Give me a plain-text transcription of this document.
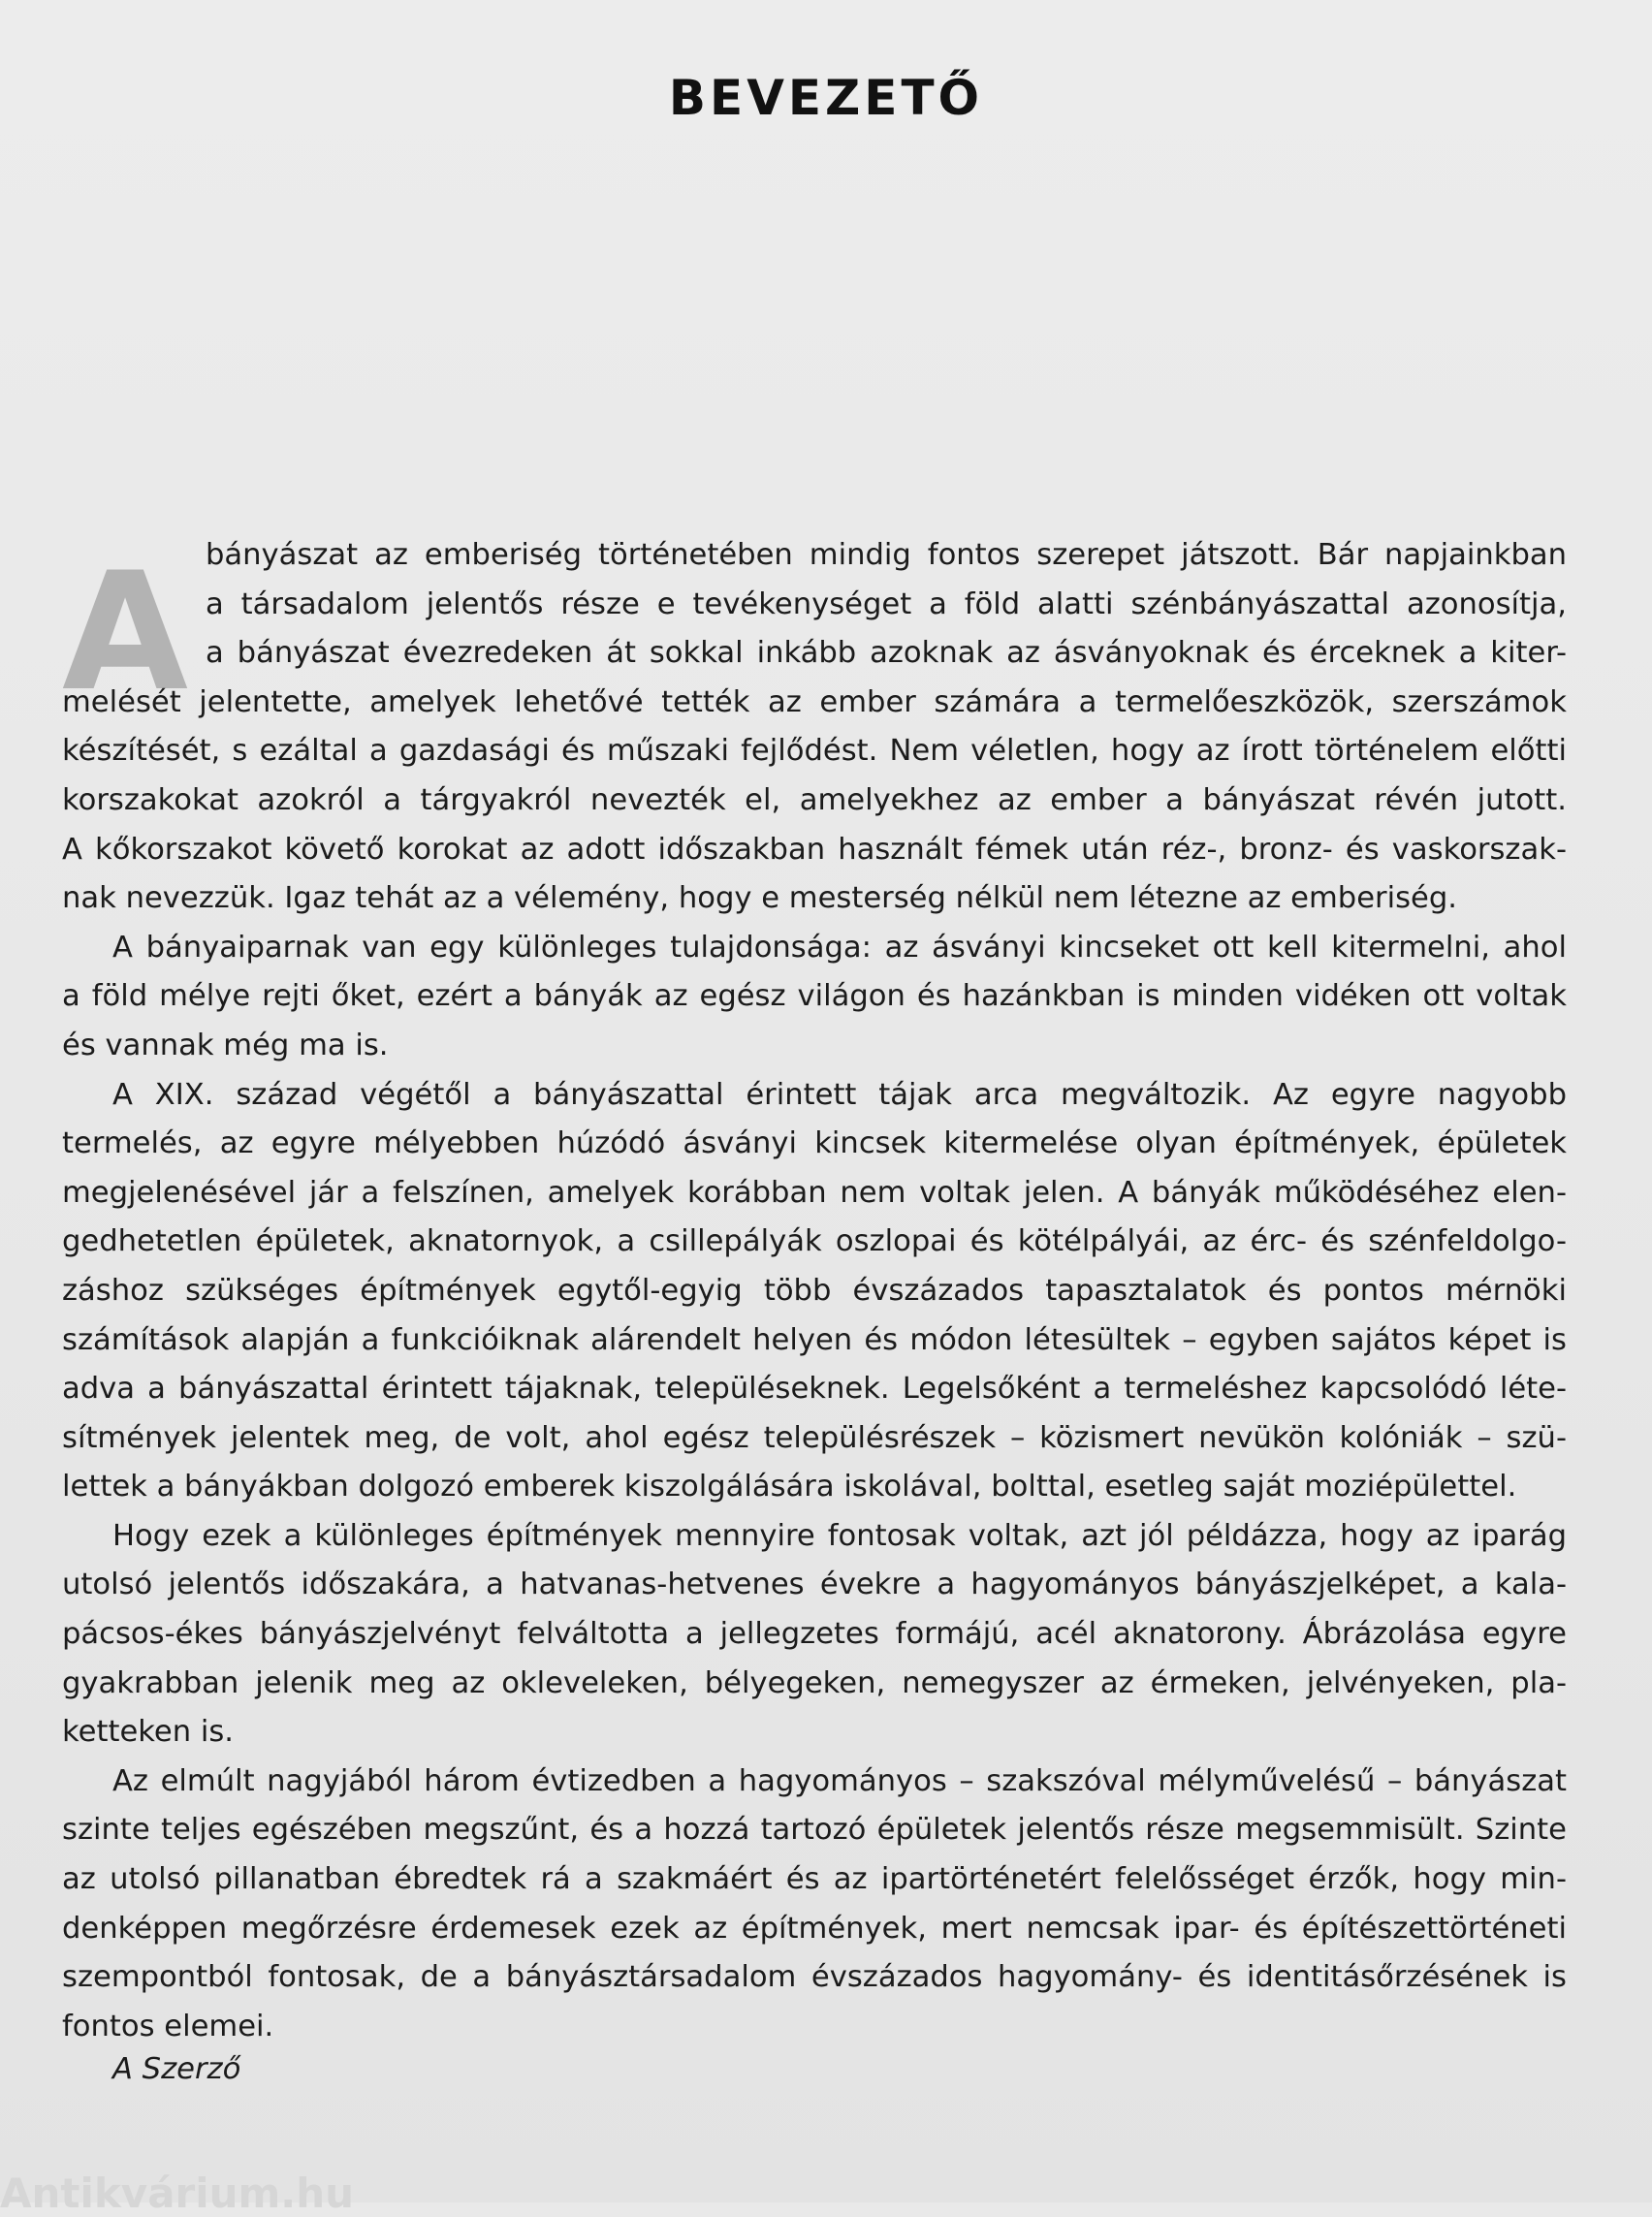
BEVEZETŐ
A bányászat az emberiség történetében mindig fontos szerepet játszott. Bár napjainkban
a társadalom jelentős része e tevékenységet a föld alatti szénbányászattal azonosítja,
a bányászat évezredeken át sokkal inkább azoknak az ásványoknak és érceknek a kiter-
melését jelentette, amelyek lehetővé tették az ember számára a termelőeszközök, szerszámok
készítését, s ezáltal a gazdasági és műszaki fejlődést. Nem véletlen, hogy az írott történelem előtti
korszakokat azokról a tárgyakról nevezték el, amelyekhez az ember a bányászat révén jutott.
A kőkorszakot követő korokat az adott időszakban használt fémek után réz-, bronz- és vaskorszak-
nak nevezzük. Igaz tehát az a vélemény, hogy e mesterség nélkül nem létezne az emberiség.
A bányaiparnak van egy különleges tulajdonsága: az ásványi kincseket ott kell kitermelni, ahol
a föld mélye rejti őket, ezért a bányák az egész világon és hazánkban is minden vidéken ott voltak
és vannak még ma is.
A XIX. század végétől a bányászattal érintett tájak arca megváltozik. Az egyre nagyobb
termelés, az egyre mélyebben húzódó ásványi kincsek kitermelése olyan építmények, épületek
megjelenésével jár a felszínen, amelyek korábban nem voltak jelen. A bányák működéséhez elen-
gedhetetlen épületek, aknatornyok, a csillepályák oszlopai és kötélpályái, az érc- és szénfeldolgo-
záshoz szükséges építmények egytől-egyig több évszázados tapasztalatok és pontos mérnöki
számítások alapján a funkcióiknak alárendelt helyen és módon létesültek – egyben sajátos képet is
adva a bányászattal érintett tájaknak, településeknek. Legelsőként a termeléshez kapcsolódó léte-
sítmények jelentek meg, de volt, ahol egész településrészek – közismert nevükön kolóniák – szü-
lettek a bányákban dolgozó emberek kiszolgálására iskolával, bolttal, esetleg saját moziépülettel.
Hogy ezek a különleges építmények mennyire fontosak voltak, azt jól példázza, hogy az iparág
utolsó jelentős időszakára, a hatvanas-hetvenes évekre a hagyományos bányászjelképet, a kala-
pácsos-ékes bányászjelvényt felváltotta a jellegzetes formájú, acél aknatorony. Ábrázolása egyre
gyakrabban jelenik meg az okleveleken, bélyegeken, nemegyszer az érmeken, jelvényeken, pla-
ketteken is.
Az elmúlt nagyjából három évtizedben a hagyományos – szakszóval mélyművelésű – bányászat
szinte teljes egészében megszűnt, és a hozzá tartozó épületek jelentős része megsemmisült. Szinte
az utolsó pillanatban ébredtek rá a szakmáért és az ipartörténetért felelősséget érzők, hogy min-
denképpen megőrzésre érdemesek ezek az építmények, mert nemcsak ipar- és építészettörténeti
szempontból fontosak, de a bányásztársadalom évszázados hagyomány- és identitásőrzésének is
fontos elemei.
A Szerző
Antikvárium.hu
